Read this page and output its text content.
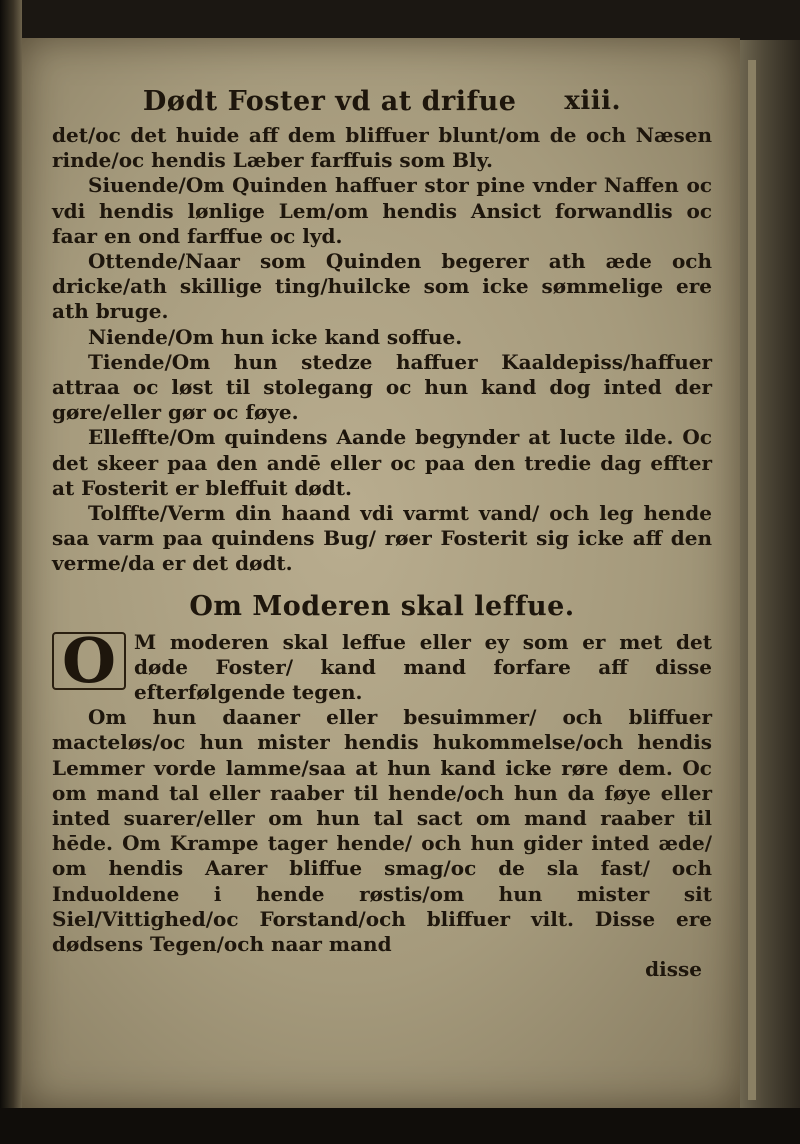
Dødt Foster vd at drifue xiii.

det/oc det huide aff dem bliffuer blunt/om de och Næsen rinde/oc hendis Læber farffuis som Bly.

Siuende/Om Quinden haffuer stor pine vnder Naffen oc vdi hendis lønlige Lem/om hendis Ansict forwandlis oc faar en ond farffue oc lyd.

Ottende/Naar som Quinden begerer ath æde och dricke/ath skillige ting/huilcke som icke sømmelige ere ath bruge.

Niende/Om hun icke kand soffue.

Tiende/Om hun stedze haffuer Kaaldepiss/haffuer attraa oc løst til stolegang oc hun kand dog inted der gøre/eller gør oc føye.

Elleffte/Om quindens Aande begynder at lucte ilde. Oc det skeer paa den andē eller oc paa den tredie dag effter at Fosterit er bleffuit dødt.

Tolffte/Verm din haand vdi varmt vand/ och leg hende saa varm paa quindens Bug/ røer Fosterit sig icke aff den verme/da er det dødt.

Om Moderen skal leffue.

O M moderen skal leffue eller ey som er met det døde Foster/ kand mand forfare aff disse efterfølgende tegen.

Om hun daaner eller besuimmer/ och bliffuer macteløs/oc hun mister hendis hukommelse/och hendis Lemmer vorde lamme/saa at hun kand icke røre dem. Oc om mand tal eller raaber til hende/och hun da føye eller inted suarer/eller om hun tal sact om mand raaber til hēde. Om Krampe tager hende/ och hun gider inted æde/ om hendis Aarer bliffue smag/oc de sla fast/ och Induoldene i hende røstis/om hun mister sit Siel/Vittighed/oc Forstand/och bliffuer vilt. Disse ere dødsens Tegen/och naar mand

disse
